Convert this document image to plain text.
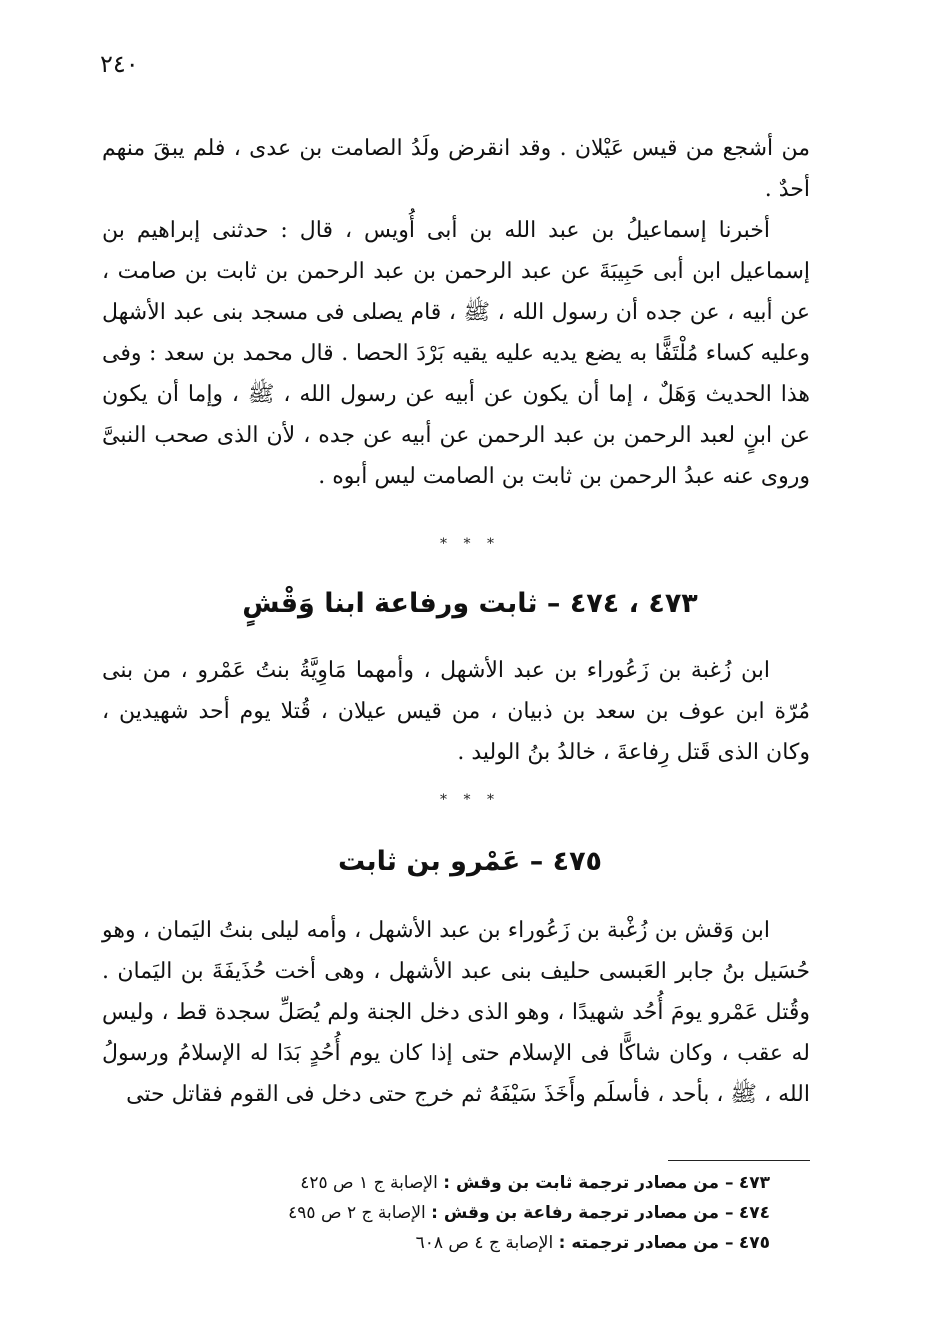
٢٤٠

من أشجع من قيس عَيْلان . وقد انقرض ولَدُ الصامت بن عدى ، فلم يبقَ منهم أحدٌ .

أخبرنا إسماعيلُ بن عبد الله بن أبى أُويس ، قال : حدثنى إبراهيم بن إسماعيل ابن أبى حَبِيبَةَ عن عبد الرحمن بن عبد الرحمن بن ثابت بن صامت ، عن أبيه ، عن جده أن رسول الله ، ﷺ ، قام يصلى فى مسجد بنى عبد الأشهل وعليه كساء مُلْتَفًّا به يضع يديه عليه يقيه بَرْدَ الحصا . قال محمد بن سعد : وفى هذا الحديث وَهَلٌ ، إما أن يكون عن أبيه عن رسول الله ، ﷺ ، وإما أن يكون عن ابنٍ لعبد الرحمن بن عبد الرحمن عن أبيه عن جده ، لأن الذى صحب النبىَّ وروى عنه عبدُ الرحمن بن ثابت بن الصامت ليس أبوه .

* * *
٤٧٣ ، ٤٧٤ – ثابت ورفاعة ابنا وَقْشٍ

ابن زُغبة بن زَعُوراء بن عبد الأشهل ، وأمهما مَاوِيَّةُ بنتُ عَمْرو ، من بنى مُرّة ابن عوف بن سعد بن ذبيان ، من قيس عيلان ، قُتلا يوم أحد شهيدين ، وكان الذى قَتل رِفاعةَ ، خالدُ بنُ الوليد .

* * *
٤٧٥ – عَمْرو بن ثابت

ابن وَقش بن زُغْبة بن زَعُوراء بن عبد الأشهل ، وأمه ليلى بنتُ اليَمان ، وهو حُسَيل بنُ جابر العَبسى حليف بنى عبد الأشهل ، وهى أخت حُذَيفَةَ بن اليَمان . وقُتل عَمْرو يومَ أُحُد شهيدًا ، وهو الذى دخل الجنة ولم يُصَلِّ سجدة قط ، وليس له عقب ، وكان شاكًّا فى الإسلام حتى إذا كان يوم أُحُدٍ بَدَا له الإسلامُ ورسولُ الله ، ﷺ ، بأحد ، فأسلَم وأَخَذَ سَيْفَهُ ثم خرج حتى دخل فى القوم فقاتل حتى

٤٧٣ – من مصادر ترجمة ثابت بن وقش : الإصابة ج ١ ص ٤٢٥
٤٧٤ – من مصادر ترجمة رفاعة بن وقش : الإصابة ج ٢ ص ٤٩٥
٤٧٥ – من مصادر ترجمته : الإصابة ج ٤ ص ٦٠٨
